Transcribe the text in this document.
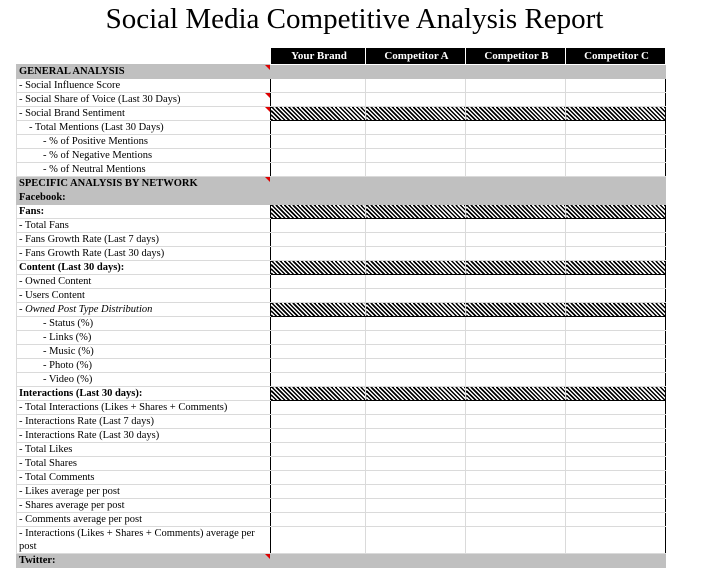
Social Media Competitive Analysis Report
	Your Brand	Competitor A	Competitor B	Competitor C
GENERAL ANALYSIS

- Social Influence Score				
- Social Share of Voice (Last 30 Days)

- Social Brand Sentiment

- Total Mentions (Last 30 Days)				
- % of Positive Mentions				
- % of Negative Mentions				
- % of Neutral Mentions				
SPECIFIC ANALYSIS BY NETWORK

Facebook:				
Fans:				
- Total Fans				
- Fans Growth Rate (Last 7 days)				
- Fans Growth Rate (Last 30 days)				
Content (Last 30 days):				
- Owned Content				
- Users Content				
- Owned Post Type Distribution				
- Status (%)				
- Links (%)				
- Music (%)				
- Photo (%)				
- Video (%)				
Interactions (Last 30 days):				
- Total Interactions (Likes + Shares + Comments)				
- Interactions Rate (Last 7 days)				
- Interactions Rate (Last 30 days)				
- Total Likes				
- Total Shares				
- Total Comments				
- Likes average per post				
- Shares average per post				
- Comments average per post				
- Interactions (Likes + Shares + Comments) average per post				
Twitter:
